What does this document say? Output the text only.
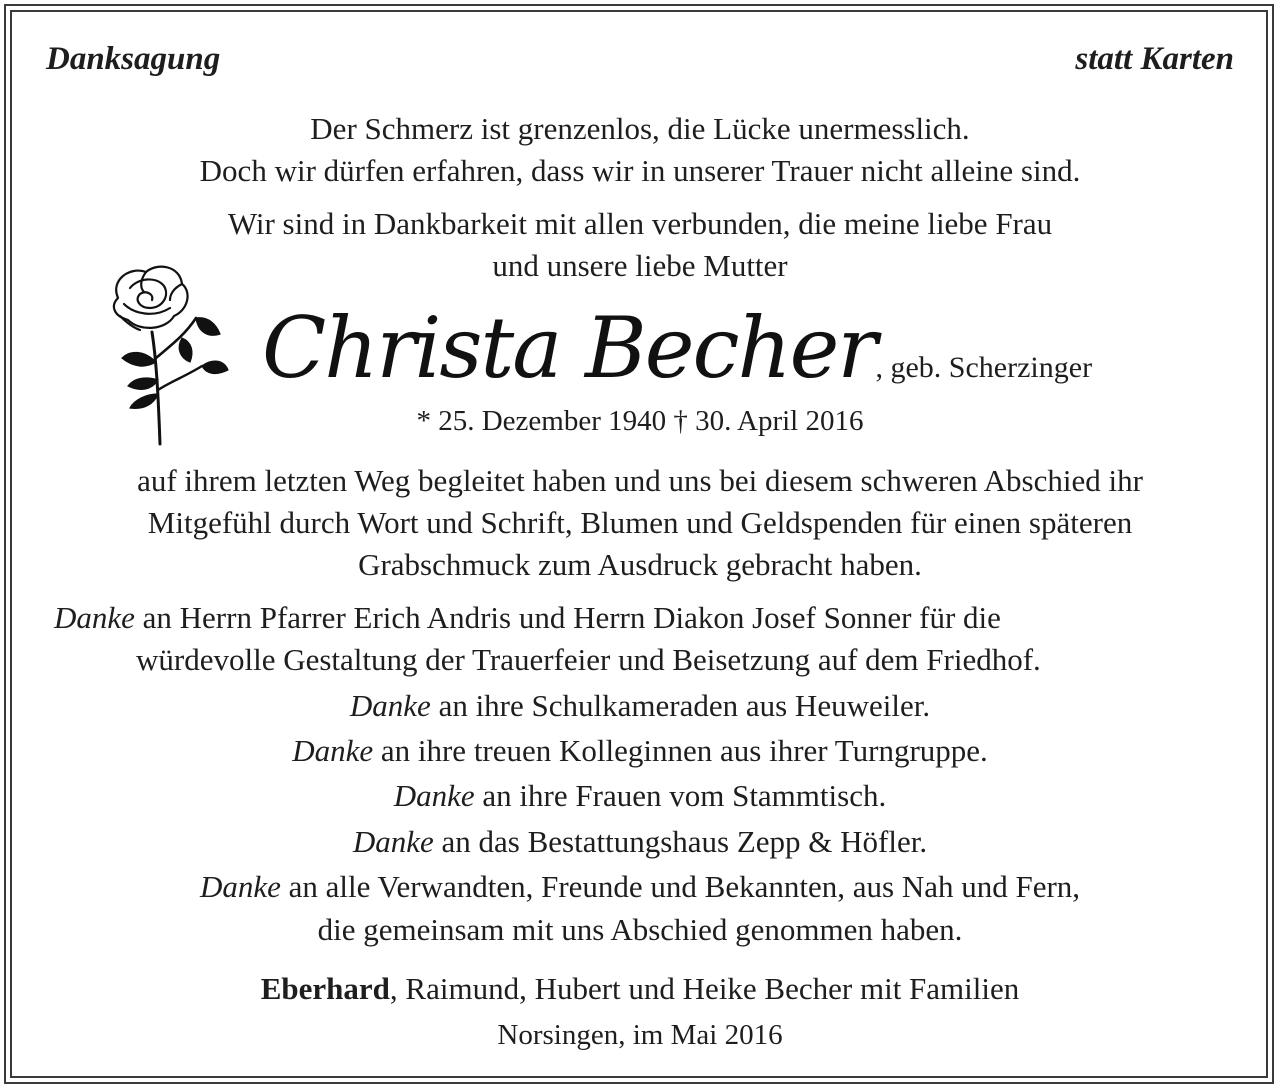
Danksagung	statt Karten
Der Schmerz ist grenzenlos, die Lücke unermesslich.
Doch wir dürfen erfahren, dass wir in unserer Trauer nicht alleine sind.
Wir sind in Dankbarkeit mit allen verbunden, die meine liebe Frau
und unsere liebe Mutter
Christa Becher, geb. Scherzinger
* 25. Dezember 1940 † 30. April 2016
auf ihrem letzten Weg begleitet haben und uns bei diesem schweren Abschied ihr
Mitgefühl durch Wort und Schrift, Blumen und Geldspenden für einen späteren
Grabschmuck zum Ausdruck gebracht haben.
Danke an Herrn Pfarrer Erich Andris und Herrn Diakon Josef Sonner für die
würdevolle Gestaltung der Trauerfeier und Beisetzung auf dem Friedhof.
Danke an ihre Schulkameraden aus Heuweiler.
Danke an ihre treuen Kolleginnen aus ihrer Turngruppe.
Danke an ihre Frauen vom Stammtisch.
Danke an das Bestattungshaus Zepp & Höfler.
Danke an alle Verwandten, Freunde und Bekannten, aus Nah und Fern,
die gemeinsam mit uns Abschied genommen haben.
Eberhard, Raimund, Hubert und Heike Becher mit Familien
Norsingen, im Mai 2016
